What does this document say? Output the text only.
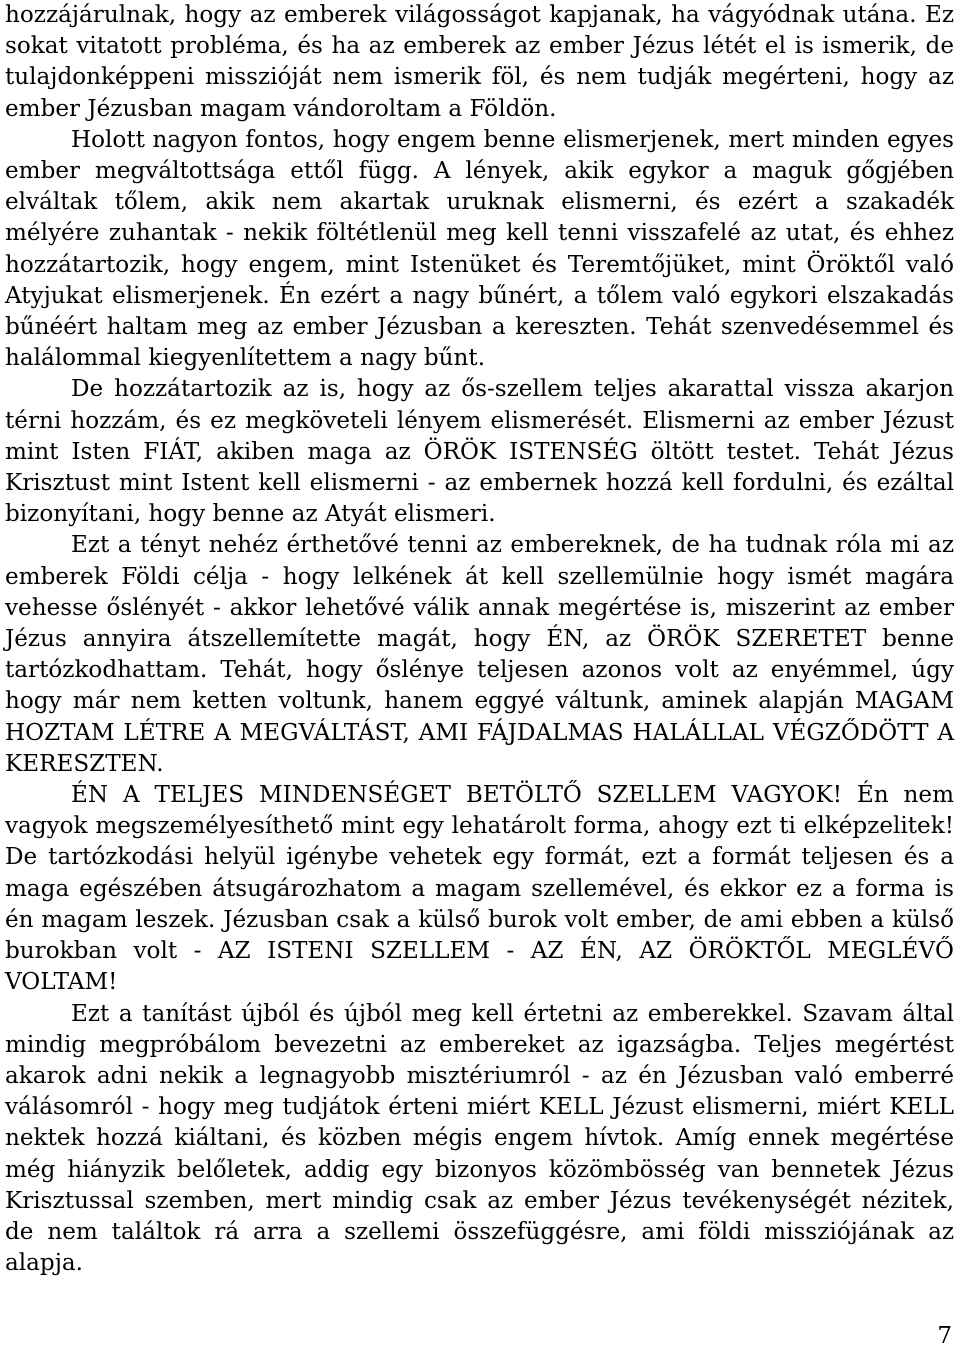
hozzájárulnak, hogy az emberek világosságot kapjanak, ha vágyódnak utána. Ez sokat vitatott probléma, és ha az emberek az ember Jézus létét el is ismerik, de tulajdonképpeni misszióját nem ismerik föl, és nem tudják megérteni, hogy az ember Jézusban magam vándoroltam a Földön.

Holott nagyon fontos, hogy engem benne elismerjenek, mert minden egyes ember megváltottsága ettől függ. A lények, akik egykor a maguk gőgjében elváltak tőlem, akik nem akartak uruknak elismerni, és ezért a szakadék mélyére zuhantak - nekik föltétlenül meg kell tenni visszafelé az utat, és ehhez hozzátartozik, hogy engem, mint Istenüket és Teremtőjüket, mint Öröktől való Atyjukat elismerjenek. Én ezért a nagy bűnért, a tőlem való egykori elszakadás bűnéért haltam meg az ember Jézusban a kereszten. Tehát szenvedésemmel és halálommal kiegyenlítettem a nagy bűnt.

De hozzátartozik az is, hogy az ős-szellem teljes akarattal vissza akarjon térni hozzám, és ez megköveteli lényem elismerését. Elismerni az ember Jézust mint Isten FIÁT, akiben maga az ÖRÖK ISTENSÉG öltött testet. Tehát Jézus Krisztust mint Istent kell elismerni - az embernek hozzá kell fordulni, és ezáltal bizonyítani, hogy benne az Atyát elismeri.

Ezt a tényt nehéz érthetővé tenni az embereknek, de ha tudnak róla mi az emberek Földi célja - hogy lelkének át kell szellemülnie hogy ismét magára vehesse őslényét - akkor lehetővé válik annak megértése is, miszerint az ember Jézus annyira átszellemítette magát, hogy ÉN, az ÖRÖK SZERETET benne tartózkodhattam. Tehát, hogy őslénye teljesen azonos volt az enyémmel, úgy hogy már nem ketten voltunk, hanem eggyé váltunk, aminek alapján MAGAM HOZTAM LÉTRE A MEGVÁLTÁST, AMI FÁJDALMAS HALÁLLAL VÉGZŐDÖTT A KERESZTEN.

ÉN A TELJES MINDENSÉGET BETÖLTŐ SZELLEM VAGYOK! Én nem vagyok megszemélyesíthető mint egy lehatárolt forma, ahogy ezt ti elképzelitek! De tartózkodási helyül igénybe vehetek egy formát, ezt a formát teljesen és a maga egészében átsugározhatom a magam szellemével, és ekkor ez a forma is én magam leszek. Jézusban csak a külső burok volt ember, de ami ebben a külső burokban volt - AZ ISTENI SZELLEM - AZ ÉN, AZ ÖRÖKTŐL MEGLÉVŐ VOLTAM!

Ezt a tanítást újból és újból meg kell értetni az emberekkel. Szavam által mindig megpróbálom bevezetni az embereket az igazságba. Teljes megértést akarok adni nekik a legnagyobb misztériumról - az én Jézusban való emberré válásomról - hogy meg tudjátok érteni miért KELL Jézust elismerni, miért KELL nektek hozzá kiáltani, és közben mégis engem hívtok. Amíg ennek megértése még hiányzik belőletek, addig egy bizonyos közömbösség van bennetek Jézus Krisztussal szemben, mert mindig csak az ember Jézus tevékenységét nézitek, de nem találtok rá arra a szellemi összefüggésre, ami földi missziójának az alapja.

7
